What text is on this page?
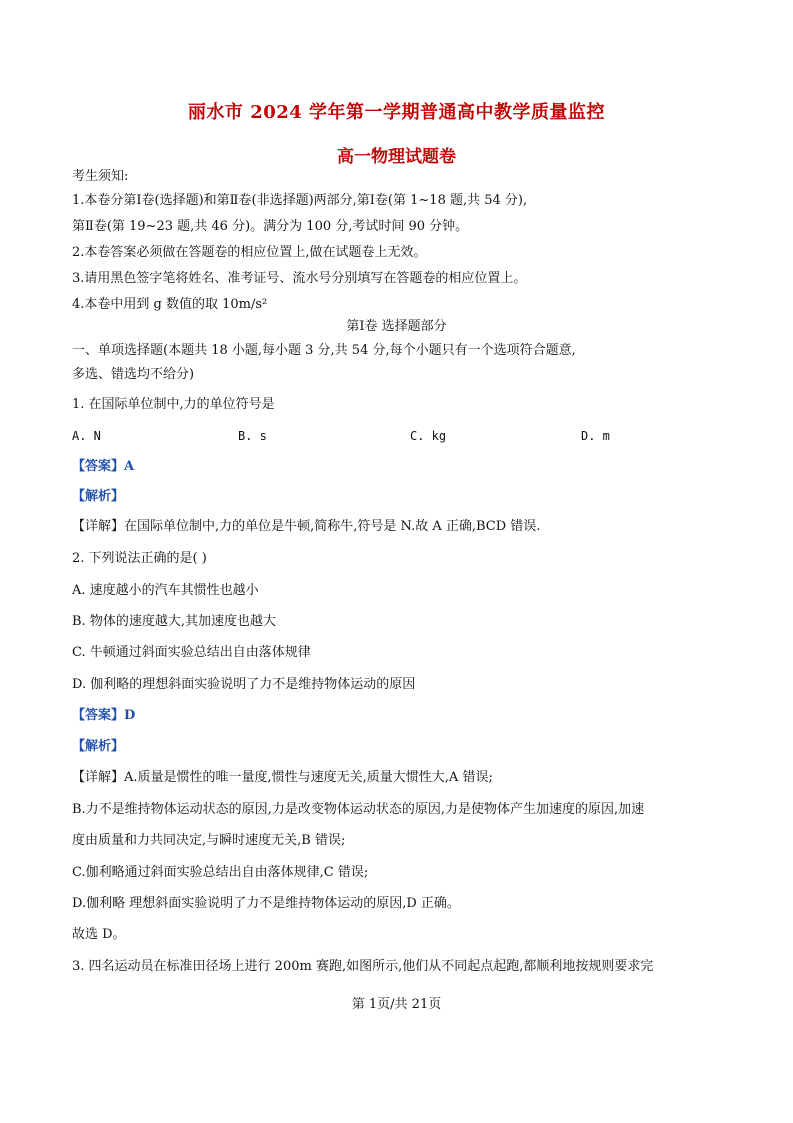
丽水市 2024 学年第一学期普通高中教学质量监控
高一物理试题卷
考生须知:
1.本卷分第Ⅰ卷(选择题)和第Ⅱ卷(非选择题)两部分,第Ⅰ卷(第 1~18 题,共 54 分),
第Ⅱ卷(第 19~23 题,共 46 分)。满分为 100 分,考试时间 90 分钟。
2.本卷答案必须做在答题卷的相应位置上,做在试题卷上无效。
3.请用黑色签字笔将姓名、准考证号、流水号分别填写在答题卷的相应位置上。
4.本卷中用到 g 数值的取 10m/s²
第Ⅰ卷 选择题部分
一、单项选择题(本题共 18 小题,每小题 3 分,共 54 分,每个小题只有一个选项符合题意,
多选、错选均不给分)
1. 在国际单位制中,力的单位符号是
A. N	B. s	C. kg	D. m
【答案】A
【解析】
【详解】在国际单位制中,力的单位是牛顿,简称牛,符号是 N.故 A 正确,BCD 错误.
2. 下列说法正确的是( )
A. 速度越小的汽车其惯性也越小
B. 物体的速度越大,其加速度也越大
C. 牛顿通过斜面实验总结出自由落体规律
D. 伽利略的理想斜面实验说明了力不是维持物体运动的原因
【答案】D
【解析】
【详解】A.质量是惯性的唯一量度,惯性与速度无关,质量大惯性大,A 错误;
B.力不是维持物体运动状态的原因,力是改变物体运动状态的原因,力是使物体产生加速度的原因,加速
度由质量和力共同决定,与瞬时速度无关,B 错误;
C.伽利略通过斜面实验总结出自由落体规律,C 错误;
D.伽利略 理想斜面实验说明了力不是维持物体运动的原因,D 正确。
故选 D。
3. 四名运动员在标准田径场上进行 200m 赛跑,如图所示,他们从不同起点起跑,都顺利地按规则要求完
第 1页/共 21页
